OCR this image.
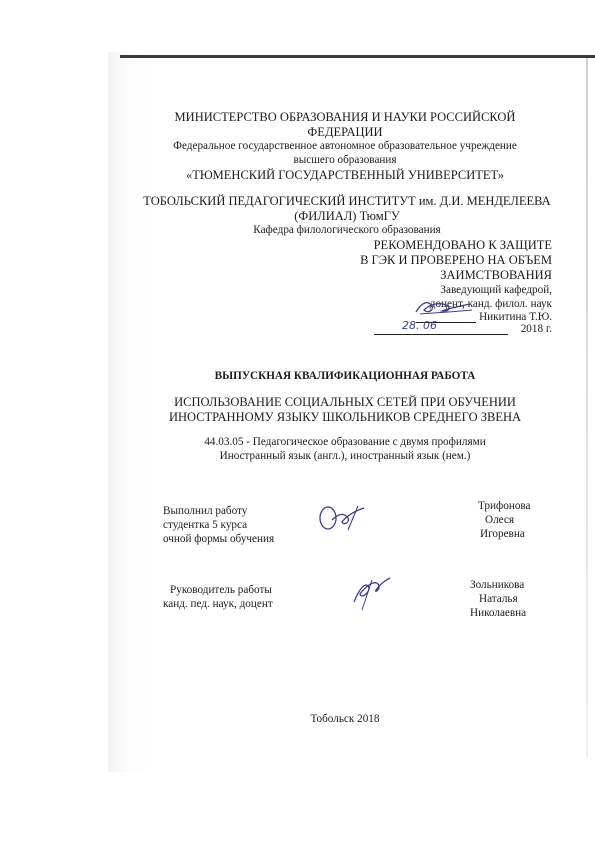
МИНИСТЕРСТВО ОБРАЗОВАНИЯ И НАУКИ РОССИЙСКОЙ
ФЕДЕРАЦИИ
Федеральное государственное автономное образовательное учреждение
высшего образования
«ТЮМЕНСКИЙ ГОСУДАРСТВЕННЫЙ УНИВЕРСИТЕТ»
ТОБОЛЬСКИЙ ПЕДАГОГИЧЕСКИЙ ИНСТИТУТ им. Д.И. МЕНДЕЛЕЕВА
(ФИЛИАЛ) ТюмГУ
Кафедра филологического образования
РЕКОМЕНДОВАНО К ЗАЩИТЕ
В ГЭК И ПРОВЕРЕНО НА ОБЪЕМ
ЗАИМСТВОВАНИЯ
Заведующий кафедрой,
доцент, канд. филол. наук
Никитина Т.Ю.
28. 06	2018 г.
ВЫПУСКНАЯ КВАЛИФИКАЦИОННАЯ РАБОТА
ИСПОЛЬЗОВАНИЕ СОЦИАЛЬНЫХ СЕТЕЙ ПРИ ОБУЧЕНИИ
ИНОСТРАННОМУ ЯЗЫКУ ШКОЛЬНИКОВ СРЕДНЕГО ЗВЕНА
44.03.05 - Педагогическое образование с двумя профилями
Иностранный язык (англ.), иностранный язык (нем.)
Выполнил работу
студентка 5 курса
очной формы обучения
Трифонова
Олеся
Игоревна
Руководитель работы
канд. пед. наук, доцент
Зольникова
Наталья
Николаевна
Тобольск 2018
